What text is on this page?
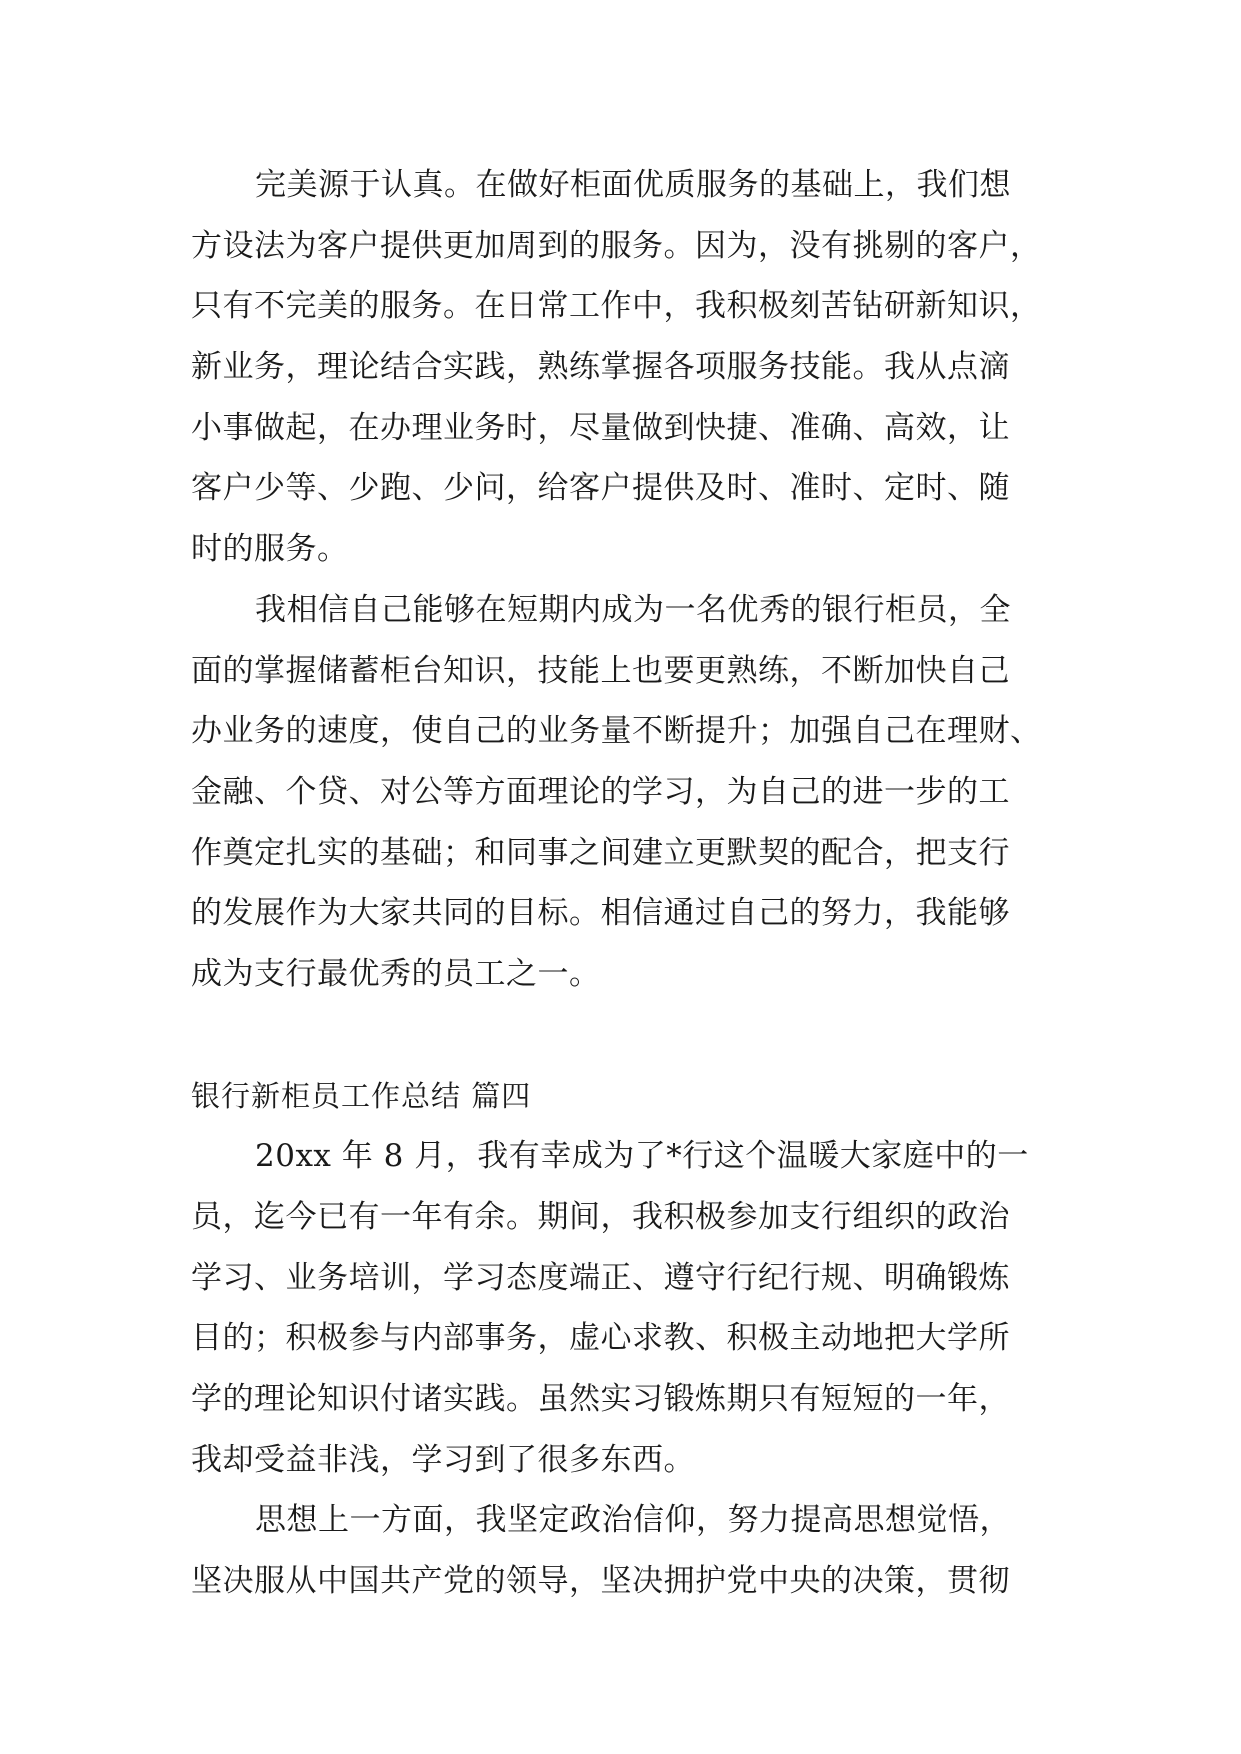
完美源于认真。在做好柜面优质服务的基础上，我们想
方设法为客户提供更加周到的服务。因为，没有挑剔的客户，
只有不完美的服务。在日常工作中，我积极刻苦钻研新知识，
新业务，理论结合实践，熟练掌握各项服务技能。我从点滴
小事做起，在办理业务时，尽量做到快捷、准确、高效，让
客户少等、少跑、少问，给客户提供及时、准时、定时、随
时的服务。
我相信自己能够在短期内成为一名优秀的银行柜员，全
面的掌握储蓄柜台知识，技能上也要更熟练，不断加快自己
办业务的速度，使自己的业务量不断提升；加强自己在理财、
金融、个贷、对公等方面理论的学习，为自己的进一步的工
作奠定扎实的基础；和同事之间建立更默契的配合，把支行
的发展作为大家共同的目标。相信通过自己的努力，我能够
成为支行最优秀的员工之一。
银行新柜员工作总结 篇四
20xx 年 8 月，我有幸成为了*行这个温暖大家庭中的一
员，迄今已有一年有余。期间，我积极参加支行组织的政治
学习、业务培训，学习态度端正、遵守行纪行规、明确锻炼
目的；积极参与内部事务，虚心求教、积极主动地把大学所
学的理论知识付诸实践。虽然实习锻炼期只有短短的一年，
我却受益非浅，学习到了很多东西。
思想上一方面，我坚定政治信仰，努力提高思想觉悟，
坚决服从中国共产党的领导，坚决拥护党中央的决策，贯彻
